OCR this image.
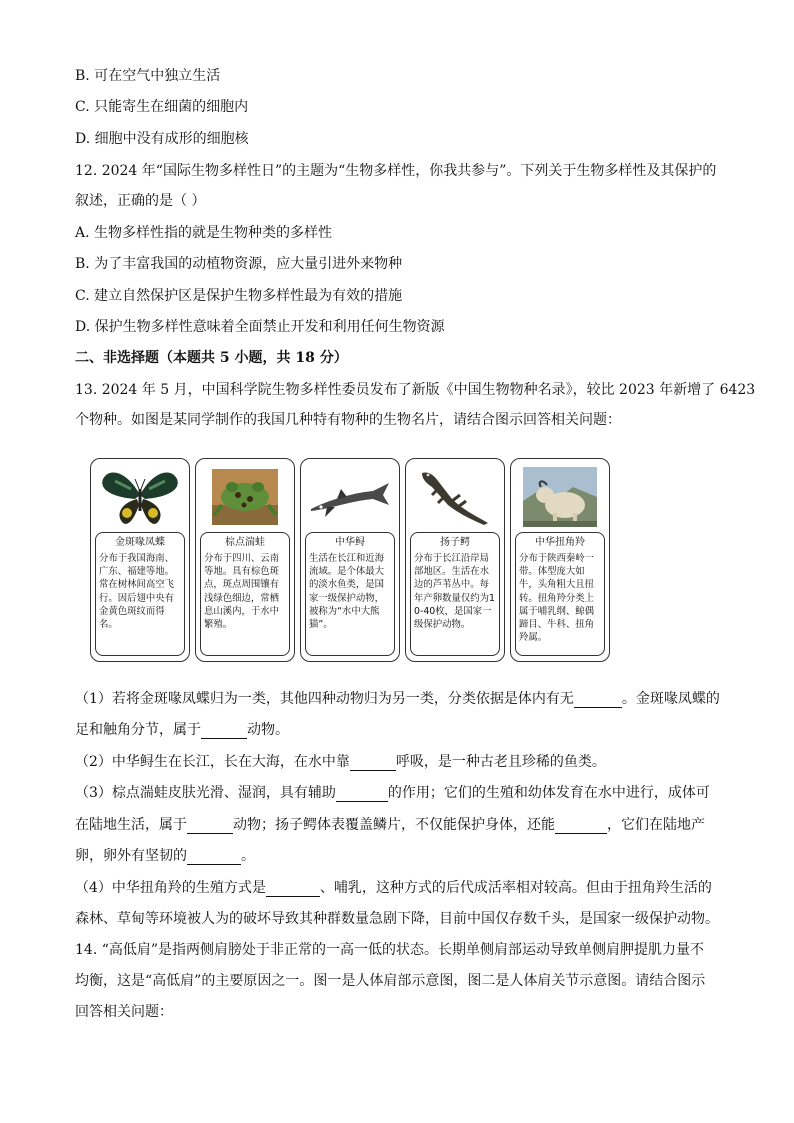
B. 可在空气中独立生活
C. 只能寄生在细菌的细胞内
D. 细胞中没有成形的细胞核
12. 2024 年“国际生物多样性日”的主题为“生物多样性，你我共参与”。下列关于生物多样性及其保护的
叙述，正确的是（ ）
A. 生物多样性指的就是生物种类的多样性
B. 为了丰富我国的动植物资源，应大量引进外来物种
C. 建立自然保护区是保护生物多样性最为有效的措施
D. 保护生物多样性意味着全面禁止开发和利用任何生物资源
二、非选择题（本题共 5 小题，共 18 分）
13. 2024 年 5 月，中国科学院生物多样性委员发布了新版《中国生物物种名录》，较比 2023 年新增了 6423
个物种。如图是某同学制作的我国几种特有物种的生物名片，请结合图示回答相关问题：
金斑喙凤蝶
分布于我国海南、广东、福建等地。常在树林间高空飞行。因后翅中央有金黄色斑纹而得名。
棕点湍蛙
分布于四川、云南等地。具有棕色斑点，斑点周围镶有浅绿色细边，常栖息山溪内，于水中繁殖。
中华鲟
生活在长江和近海流域。是个体最大的淡水鱼类，是国家一级保护动物，被称为“水中大熊猫”。
扬子鳄
分布于长江沿岸局部地区。生活在水边的芦苇丛中。每年产卵数量仅约为10-40枚，是国家一级保护动物。
中华扭角羚
分布于陕西秦岭一带。体型庞大如牛，头角粗大且扭转。扭角羚分类上属于哺乳纲、鲸偶蹄目、牛科、扭角羚属。
（1）若将金斑喙凤蝶归为一类，其他四种动物归为另一类，分类依据是体内有无	。金斑喙凤蝶的
足和触角分节，属于	动物。
（2）中华鲟生在长江，长在大海，在水中靠	呼吸，是一种古老且珍稀的鱼类。
（3）棕点湍蛙皮肤光滑、湿润，具有辅助	的作用；它们的生殖和幼体发育在水中进行，成体可
在陆地生活，属于	动物；扬子鳄体表覆盖鳞片，不仅能保护身体，还能	，它们在陆地产
卵，卵外有坚韧的	。
（4）中华扭角羚的生殖方式是	、哺乳，这种方式的后代成活率相对较高。但由于扭角羚生活的
森林、草甸等环境被人为的破坏导致其种群数量急剧下降，目前中国仅存数千头，是国家一级保护动物。
14. “高低肩”是指两侧肩膀处于非正常的一高一低的状态。长期单侧肩部运动导致单侧肩胛提肌力量不
均衡，这是“高低肩”的主要原因之一。图一是人体肩部示意图，图二是人体肩关节示意图。请结合图示
回答相关问题：
